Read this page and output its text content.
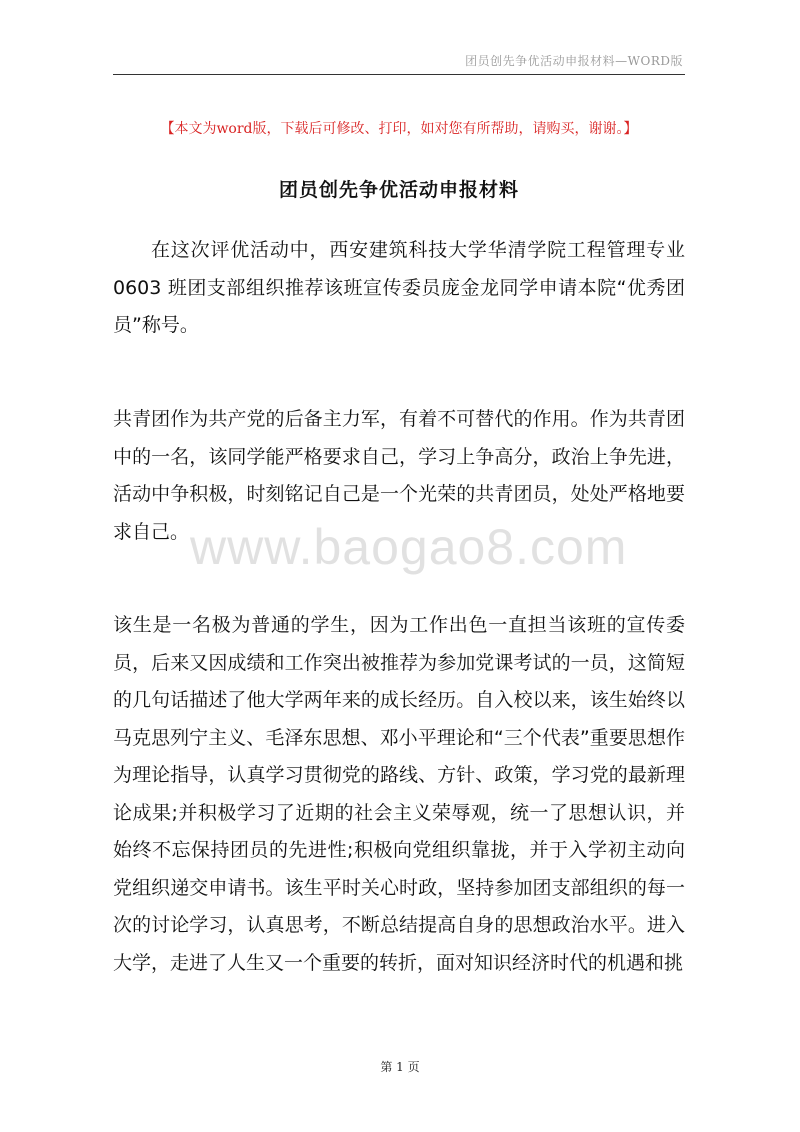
团员创先争优活动申报材料—WORD版
【本文为word版，下载后可修改、打印，如对您有所帮助，请购买，谢谢。】
团员创先争优活动申报材料

在这次评优活动中，西安建筑科技大学华清学院工程管理专业0603 班团支部组织推荐该班宣传委员庞金龙同学申请本院“优秀团员”称号。

共青团作为共产党的后备主力军，有着不可替代的作用。作为共青团中的一名，该同学能严格要求自己，学习上争高分，政治上争先进，活动中争积极，时刻铭记自己是一个光荣的共青团员，处处严格地要求自己。

该生是一名极为普通的学生，因为工作出色一直担当该班的宣传委员，后来又因成绩和工作突出被推荐为参加党课考试的一员，这简短的几句话描述了他大学两年来的成长经历。自入校以来，该生始终以马克思列宁主义、毛泽东思想、邓小平理论和“三个代表”重要思想作为理论指导，认真学习贯彻党的路线、方针、政策，学习党的最新理论成果;并积极学习了近期的社会主义荣辱观，统一了思想认识，并始终不忘保持团员的先进性;积极向党组织靠拢，并于入学初主动向党组织递交申请书。该生平时关心时政，坚持参加团支部组织的每一次的讨论学习，认真思考，不断总结提高自身的思想政治水平。进入大学，走进了人生又一个重要的转折，面对知识经济时代的机遇和挑

www.baogao8.com
第 1 页
